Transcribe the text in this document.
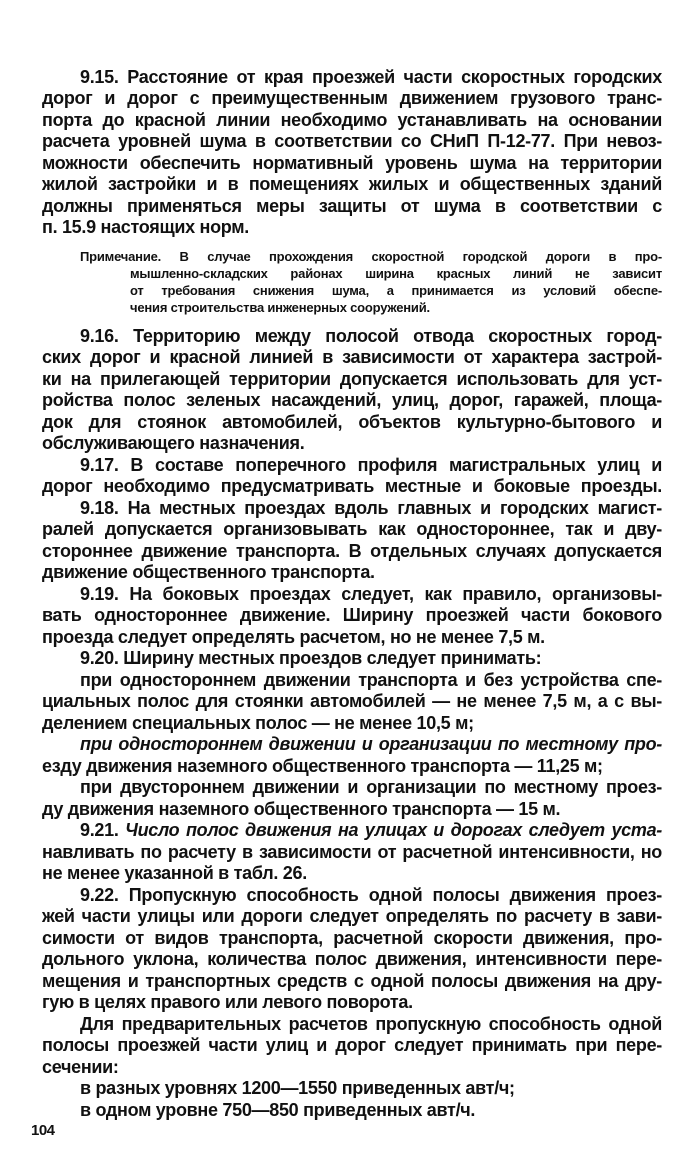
9.15. Расстояние от края проезжей части скоростных городских
дорог и дорог с преимущественным движением грузового транс-
порта до красной линии необходимо устанавливать на основании
расчета уровней шума в соответствии со СНиП П-12-77. При невоз-
можности обеспечить нормативный уровень шума на территории
жилой застройки и в помещениях жилых и общественных зданий
должны применяться меры защиты от шума в соответствии с
п. 15.9 настоящих норм.
Примечание. В случае прохождения скоростной городской дороги в про-
мышленно-складских районах ширина красных линий не зависит
от требования снижения шума, а принимается из условий обеспе-
чения строительства инженерных сооружений.
9.16. Территорию между полосой отвода скоростных город-
ских дорог и красной линией в зависимости от характера застрой-
ки на прилегающей территории допускается использовать для уст-
ройства полос зеленых насаждений, улиц, дорог, гаражей, площа-
док для стоянок автомобилей, объектов культурно-бытового и
обслуживающего назначения.
9.17. В составе поперечного профиля магистральных улиц и
дорог необходимо предусматривать местные и боковые проезды.
9.18. На местных проездах вдоль главных и городских магист-
ралей допускается организовывать как одностороннее, так и дву-
стороннее движение транспорта. В отдельных случаях допускается
движение общественного транспорта.
9.19. На боковых проездах следует, как правило, организовы-
вать одностороннее движение. Ширину проезжей части бокового
проезда следует определять расчетом, но не менее 7,5 м.
9.20. Ширину местных проездов следует принимать:
при одностороннем движении транспорта и без устройства спе-
циальных полос для стоянки автомобилей — не менее 7,5 м, а с вы-
делением специальных полос — не менее 10,5 м;
при одностороннем движении и организации по местному про-
езду движения наземного общественного транспорта — 11,25 м;
при двустороннем движении и организации по местному проез-
ду движения наземного общественного транспорта — 15 м.
9.21. Число полос движения на улицах и дорогах следует уста-
навливать по расчету в зависимости от расчетной интенсивности, но
не менее указанной в табл. 26.
9.22. Пропускную способность одной полосы движения проез-
жей части улицы или дороги следует определять по расчету в зави-
симости от видов транспорта, расчетной скорости движения, про-
дольного уклона, количества полос движения, интенсивности пере-
мещения и транспортных средств с одной полосы движения на дру-
гую в целях правого или левого поворота.
Для предварительных расчетов пропускную способность одной
полосы проезжей части улиц и дорог следует принимать при пере-
сечении:
в разных уровнях 1200—1550 приведенных авт/ч;
в одном уровне 750—850 приведенных авт/ч.
104
